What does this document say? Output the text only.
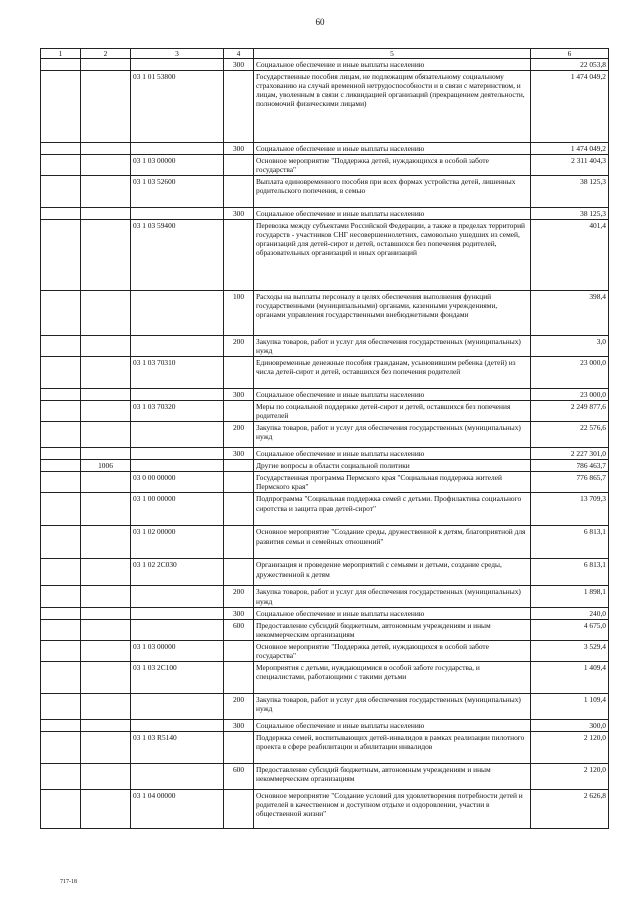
60
1	2	3	4	5	6
			300	Социальное обеспечение и иные выплаты населению	22 053,8
		03 1 01 53800		Государственные пособия лицам, не подлежащим обязательному социальному страхованию на случай временной нетрудоспособности и в связи с материнством, и лицам, уволенным в связи с ликвидацией организаций (прекращением деятельности, полномочий физическими лицами)	1 474 049,2
			300	Социальное обеспечение и иные выплаты населению	1 474 049,2
		03 1 03 00000		Основное мероприятие "Поддержка детей, нуждающихся в особой заботе государства"	2 311 404,3
		03 1 03 52600		Выплата единовременного пособия при всех формах устройства детей, лишенных родительского попечения, в семью	38 125,3
			300	Социальное обеспечение и иные выплаты населению	38 125,3
		03 1 03 59400		Перевозка между субъектами Российской Федерации, а также в пределах территорий государств - участников СНГ несовершеннолетних, самовольно ушедших из семей, организаций для детей-сирот и детей, оставшихся без попечения родителей, образовательных организаций и иных организаций	401,4
			100	Расходы на выплаты персоналу в целях обеспечения выполнения функций государственными (муниципальными) органами, казенными учреждениями, органами управления государственными внебюджетными фондами	398,4
			200	Закупка товаров, работ и услуг для обеспечения государственных (муниципальных) нужд	3,0
		03 1 03 70310		Единовременные денежные пособия гражданам, усыновившим ребенка (детей) из числа детей-сирот и детей, оставшихся без попечения родителей	23 000,0
			300	Социальное обеспечение и иные выплаты населению	23 000,0
		03 1 03 70320		Меры по социальной поддержке детей-сирот и детей, оставшихся без попечения родителей	2 249 877,6
			200	Закупка товаров, работ и услуг для обеспечения государственных (муниципальных) нужд	22 576,6
			300	Социальное обеспечение и иные выплаты населению	2 227 301,0
	1006			Другие вопросы в области социальной политики	786 463,7
		03 0 00 00000		Государственная программа Пермского края "Социальная поддержка жителей Пермского края"	776 865,7
		03 1 00 00000		Подпрограмма "Социальная поддержка семей с детьми. Профилактика социального сиротства и защита прав детей-сирот"	13 709,3
		03 1 02 00000		Основное мероприятие "Создание среды, дружественной к детям, благоприятной для развития семьи и семейных отношений"	6 813,1
		03 1 02 2С030		Организация и проведение мероприятий с семьями и детьми, создание среды, дружественной к детям	6 813,1
			200	Закупка товаров, работ и услуг для обеспечения государственных (муниципальных) нужд	1 898,1
			300	Социальное обеспечение и иные выплаты населению	240,0
			600	Предоставление субсидий бюджетным, автономным учреждениям и иным некоммерческим организациям	4 675,0
		03 1 03 00000		Основное мероприятие "Поддержка детей, нуждающихся в особой заботе государства"	3 529,4
		03 1 03 2С100		Мероприятия с детьми, нуждающимися в особой заботе государства, и специалистами, работающими с такими детьми	1 409,4
			200	Закупка товаров, работ и услуг для обеспечения государственных (муниципальных) нужд	1 109,4
			300	Социальное обеспечение и иные выплаты населению	300,0
		03 1 03 R5140		Поддержка семей, воспитывающих детей-инвалидов в рамках реализации пилотного проекта в сфере реабилитации и абилитации инвалидов	2 120,0
			600	Предоставление субсидий бюджетным, автономным учреждениям и иным некоммерческим организациям	2 120,0
		03 1 04 00000		Основное мероприятие "Создание условий для удовлетворения потребности детей и родителей в качественном и доступном отдыхе и оздоровлении, участии в общественной жизни"	2 626,8
717-18
